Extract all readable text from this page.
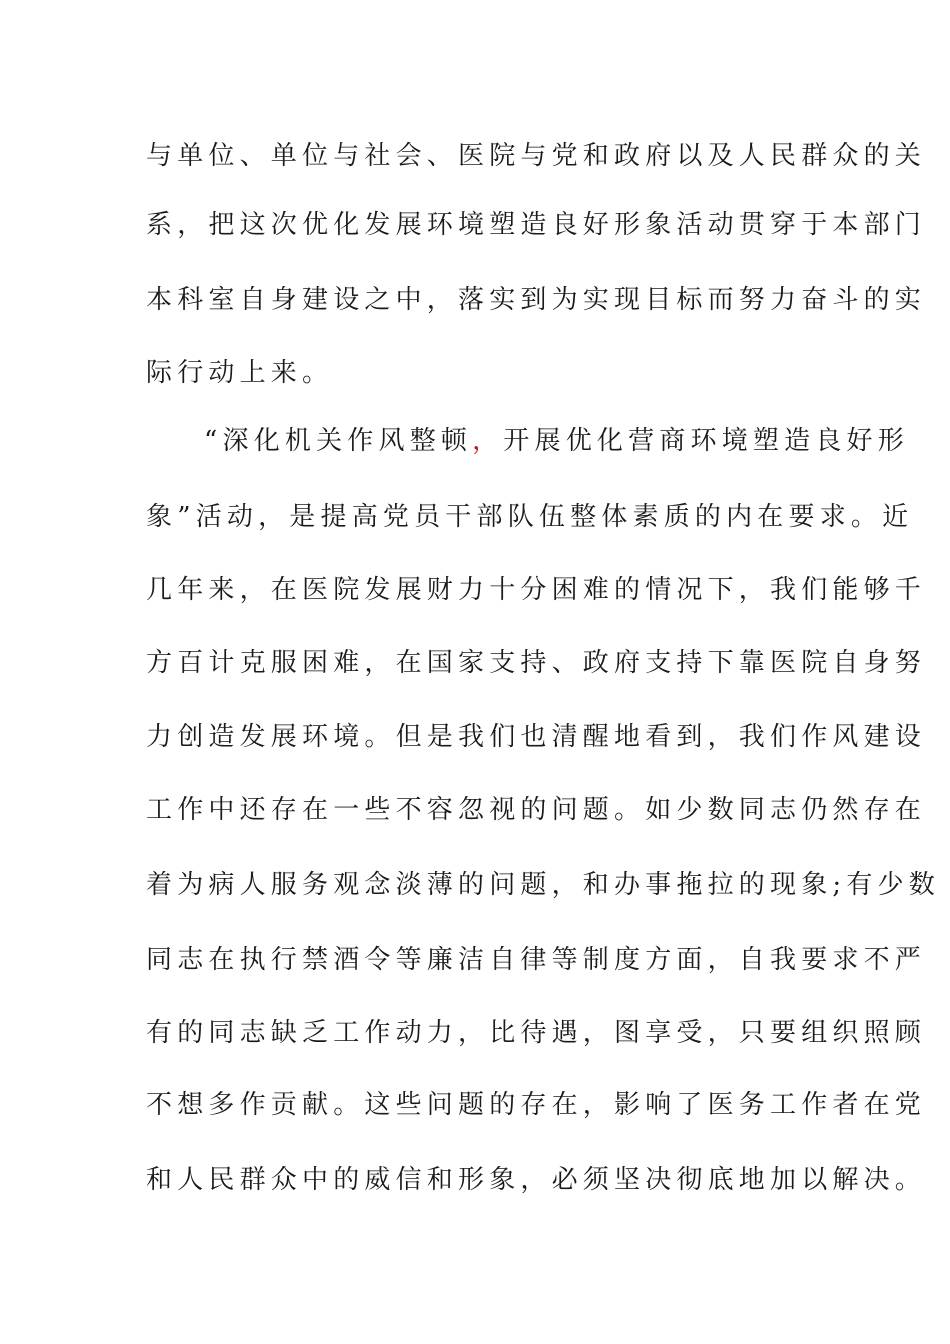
与单位、单位与社会、医院与党和政府以及人民群众的关
系，把这次优化发展环境塑造良好形象活动贯穿于本部门
本科室自身建设之中，落实到为实现目标而努力奋斗的实
际行动上来。
“深化机关作风整顿，开展优化营商环境塑造良好形
象”活动，是提高党员干部队伍整体素质的内在要求。近
几年来，在医院发展财力十分困难的情况下，我们能够千
方百计克服困难，在国家支持、政府支持下靠医院自身努
力创造发展环境。但是我们也清醒地看到，我们作风建设
工作中还存在一些不容忽视的问题。如少数同志仍然存在
着为病人服务观念淡薄的问题，和办事拖拉的现象;有少数
同志在执行禁酒令等廉洁自律等制度方面，自我要求不严
有的同志缺乏工作动力，比待遇，图享受，只要组织照顾
不想多作贡献。这些问题的存在，影响了医务工作者在党
和人民群众中的威信和形象，必须坚决彻底地加以解决。
